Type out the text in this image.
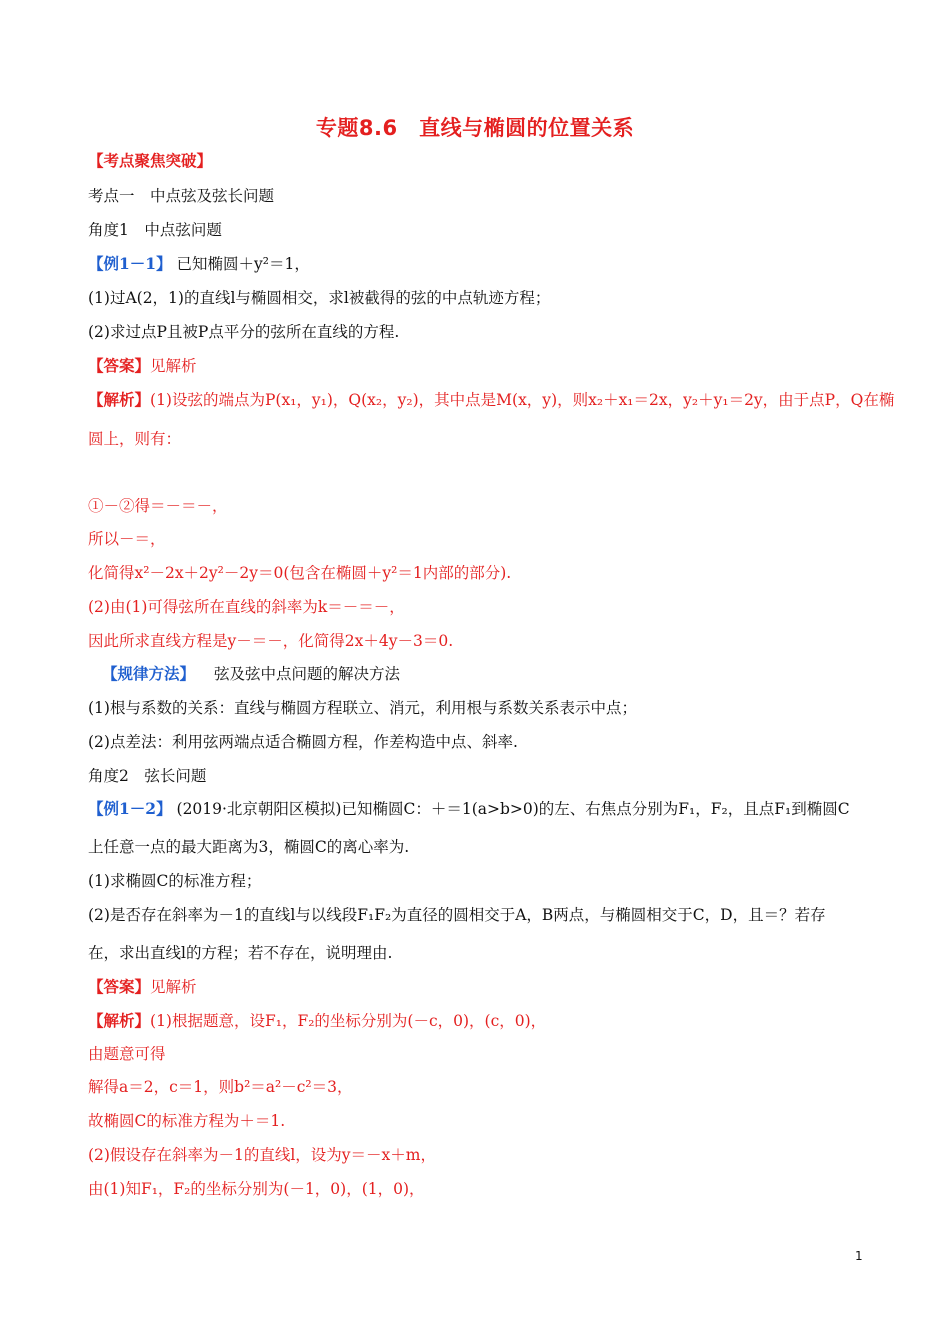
专题8.6　直线与椭圆的位置关系
【考点聚焦突破】
考点一　中点弦及弦长问题
角度1　中点弦问题
【例1－1】 已知椭圆＋y²＝1，
(1)过A(2，1)的直线l与椭圆相交，求l被截得的弦的中点轨迹方程；
(2)求过点P且被P点平分的弦所在直线的方程.
【答案】见解析
【解析】(1)设弦的端点为P(x₁，y₁)，Q(x₂，y₂)，其中点是M(x，y)，则x₂＋x₁＝2x，y₂＋y₁＝2y，由于点P，Q在椭
圆上，则有：
①－②得＝－＝－，
所以－＝，
化简得x²－2x＋2y²－2y＝0(包含在椭圆＋y²＝1内部的部分).
(2)由(1)可得弦所在直线的斜率为k＝－＝－，
因此所求直线方程是y－＝－，化简得2x＋4y－3＝0.
【规律方法】 弦及弦中点问题的解决方法
(1)根与系数的关系：直线与椭圆方程联立、消元，利用根与系数关系表示中点；
(2)点差法：利用弦两端点适合椭圆方程，作差构造中点、斜率.
角度2　弦长问题
【例1－2】 (2019·北京朝阳区模拟)已知椭圆C：＋＝1(a>b>0)的左、右焦点分别为F₁，F₂，且点F₁到椭圆C
上任意一点的最大距离为3，椭圆C的离心率为.
(1)求椭圆C的标准方程；
(2)是否存在斜率为－1的直线l与以线段F₁F₂为直径的圆相交于A，B两点，与椭圆相交于C，D，且＝？若存
在，求出直线l的方程；若不存在，说明理由.
【答案】见解析
【解析】(1)根据题意，设F₁，F₂的坐标分别为(－c，0)，(c，0)，
由题意可得
解得a＝2，c＝1，则b²＝a²－c²＝3，
故椭圆C的标准方程为＋＝1.
(2)假设存在斜率为－1的直线l，设为y＝－x＋m，
由(1)知F₁，F₂的坐标分别为(－1，0)，(1，0)，
1
